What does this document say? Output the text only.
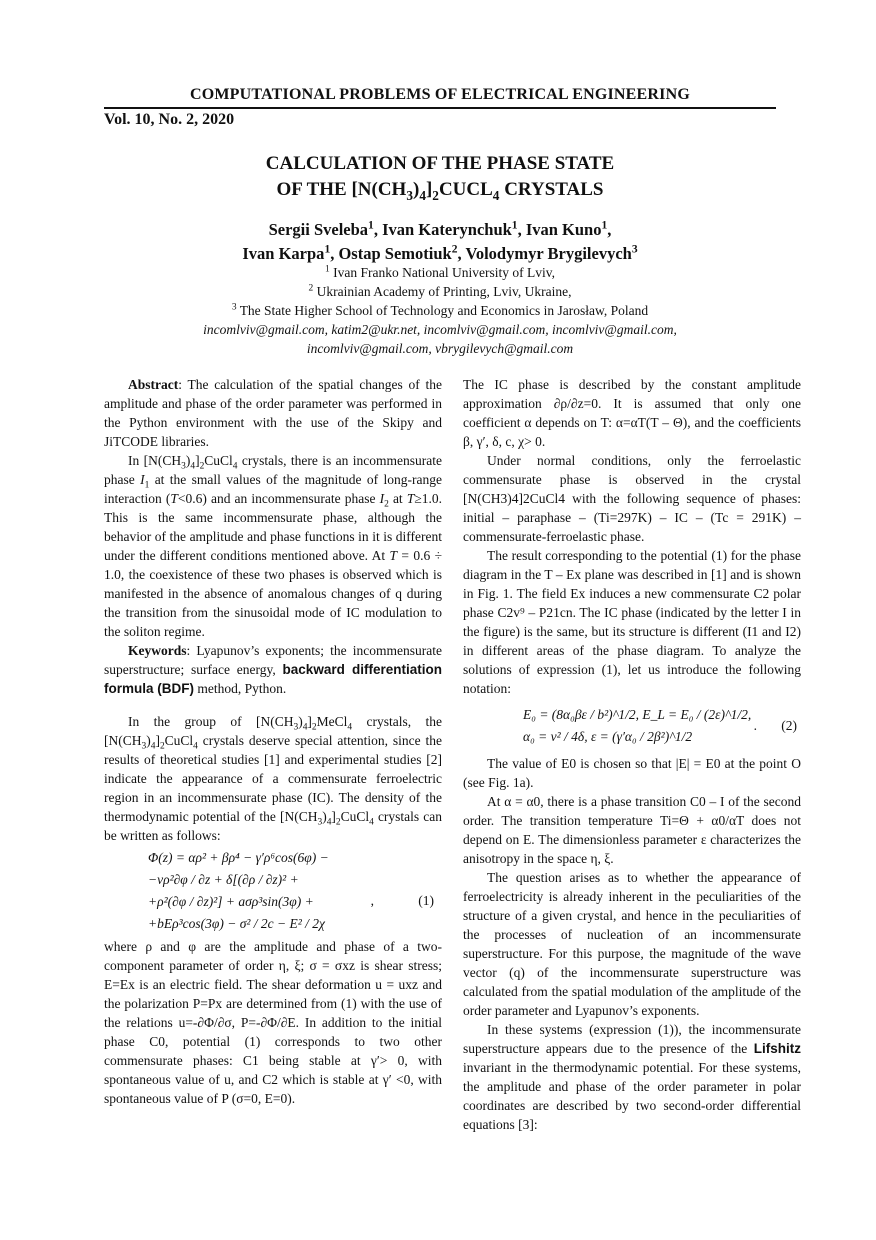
COMPUTATIONAL PROBLEMS OF ELECTRICAL ENGINEERING
Vol. 10, No. 2, 2020
CALCULATION OF THE PHASE STATE
OF THE $[N(CH_3)_4]_2CUCL_4$ CRYSTALS
Sergii Sveleba$^1$, Ivan Katerynchuk$^1$, Ivan Kuno$^1$,
Ivan Karpa$^1$, Ostap Semotiuk$^2$, Volodymyr Brygilevych$^3$
$^1$ Ivan Franko National University of Lviv,
$^2$ Ukrainian Academy of Printing, Lviv, Ukraine,
$^3$ The State Higher School of Technology and Economics in Jarosław, Poland
incomlviv@gmail.com, katim2@ukr.net, incomlviv@gmail.com, incomlviv@gmail.com,
incomlviv@gmail.com, vbrygilevych@gmail.com

Abstract: The calculation of the spatial changes of the amplitude and phase of the order parameter was performed in the Python environment with the use of the Skipy and JiTCODE libraries.

In $[N(CH_3)_4]_2CuCl_4$ crystals, there is an incommensurate phase $I_1$ at the small values of the magnitude of long-range interaction (T<0.6) and an incommensurate phase $I_2$ at T≥1.0. This is the same incommensurate phase, although the behavior of the amplitude and phase functions in it is different under the different conditions mentioned above. At T = 0.6 ÷ 1.0, the coexistence of these two phases is observed which is manifested in the absence of anomalous changes of q during the transition from the sinusoidal mode of IC modulation to the soliton regime.

Keywords: Lyapunov’s exponents; the incommensurate superstructure; surface energy, backward differentiation formula (BDF) method, Python.

In the group of $[N(CH_3)_4]_2MeCl_4$ crystals, the $[N(CH_3)_4]_2CuCl_4$ crystals deserve special attention, since the results of theoretical studies [1] and experimental studies [2] indicate the appearance of a commensurate ferroelectric region in an incommensurate phase (IC). The density of the thermodynamic potential of the $[N(CH_3)_4]_2CuCl_4$ crystals can be written as follows:

Φ(z) = αρ² + βρ⁴ − γ′ρ⁶cos(6φ) −
−νρ²∂φ / ∂z + δ[(∂ρ / ∂z)² +
+ρ²(∂φ / ∂z)²] + aσρ³sin(3φ) +
+bEρ³cos(3φ) − σ² / 2c − E² / 2χ
,	(1)

where ρ and φ are the amplitude and phase of a two-component parameter of order η, ξ; σ = σxz is shear stress; E=Ex is an electric field. The shear deformation u = uxz and the polarization P=Px are determined from (1) with the use of the relations u=-∂Φ/∂σ, P=-∂Φ/∂E. In addition to the initial phase C0, potential (1) corresponds to two other commensurate phases: C1 being stable at γ′> 0, with spontaneous value of u, and C2 which is stable at γ′ <0, with spontaneous value of P (σ=0, E=0).

The IC phase is described by the constant amplitude approximation ∂ρ/∂z=0. It is assumed that only one coefficient α depends on T: α=αT(T – Θ), and the coefficients β, γ′, δ, c, χ> 0.

Under normal conditions, only the ferroelastic commensurate phase is observed in the crystal [N(CH3)4]2CuCl4 with the following sequence of phases: initial – paraphase – (Ti=297K) – IC – (Tc = 291K) – commensurate-ferroelastic phase.

The result corresponding to the potential (1) for the phase diagram in the T – Ex plane was described in [1] and is shown in Fig. 1. The field Ex induces a new commensurate C2 polar phase C2v⁹ – P21cn. The IC phase (indicated by the letter I in the figure) is the same, but its structure is different (I1 and I2) in different areas of the phase diagram. To analyze the solutions of expression (1), let us introduce the following notation:

E₀ = (8α₀βε / b²)^1/2, E_L = E₀ / (2ε)^1/2,
α₀ = ν² / 4δ, ε = (γ′α₀ / 2β²)^1/2
. (2)

The value of E0 is chosen so that |E| = E0 at the point O (see Fig. 1a).

At α = α0, there is a phase transition C0 – I of the second order. The transition temperature Ti=Θ + α0/αT does not depend on E. The dimensionless parameter ε characterizes the anisotropy in the space η, ξ.

The question arises as to whether the appearance of ferroelectricity is already inherent in the peculiarities of the structure of a given crystal, and hence in the peculiarities of the processes of nucleation of an incommensurate superstructure. For this purpose, the magnitude of the wave vector (q) of the incommensurate superstructure was calculated from the spatial modulation of the amplitude of the order parameter and Lyapunov’s exponents.

In these systems (expression (1)), the incommensurate superstructure appears due to the presence of the Lifshitz invariant in the thermodynamic potential. For these systems, the amplitude and phase of the order parameter in polar coordinates are described by two second-order differential equations [3]:
